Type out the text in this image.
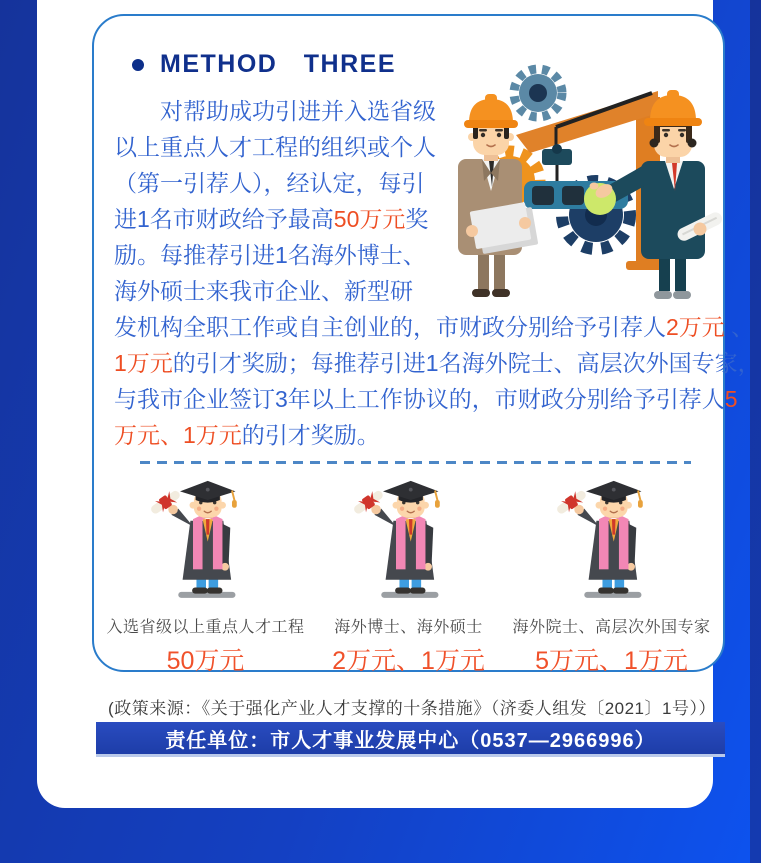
METHOD THREE
对帮助成功引进并入选省级
以上重点人才工程的组织或个人
（第一引荐人），经认定，每引
进1名市财政给予最高50万元奖
励。每推荐引进1名海外博士、
海外硕士来我市企业、新型研
发机构全职工作或自主创业的，市财政分别给予引荐人2万元 、
1万元的引才奖励；每推荐引进1名海外院士、高层次外国专家，
与我市企业签订3年以上工作协议的，市财政分别给予引荐人5
万元、1万元的引才奖励。
入选省级以上重点人才工程
50万元
海外博士、海外硕士
2万元、1万元
海外院士、高层次外国专家
5万元、1万元
(政策来源：《关于强化产业人才支撑的十条措施》（济委人组发〔2021〕1号））
责任单位：市人才事业发展中心（0537—2966996）
